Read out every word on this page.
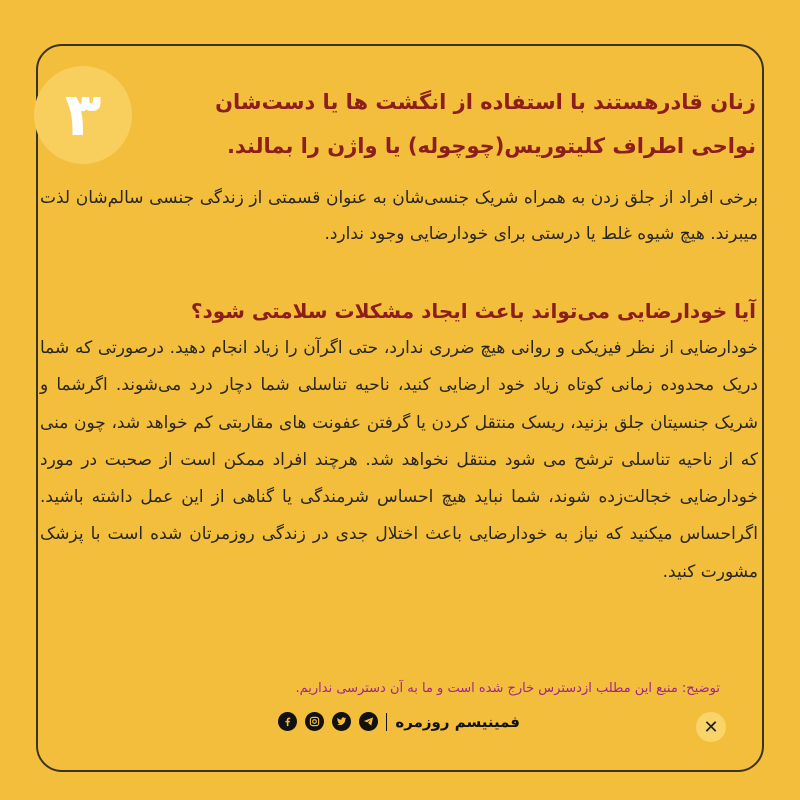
۳	زنان قادرهستند با استفاده از انگشت ها یا دست‌شان نواحی اطراف کلیتوریس(چوچوله) یا واژن را بمالند.
برخی افراد از جلق زدن به همراه شریک جنسی‌شان به عنوان قسمتی از زندگی جنسی سالم‌شان لذت میبرند. هیچ شیوه غلط یا درستی برای خودارضایی وجود ندارد.
آیا خودارضایی می‌تواند باعث ایجاد مشکلات سلامتی شود؟
خودارضایی از نظر فیزیکی و روانی هیچ ضرری ندارد، حتی اگرآن را زیاد انجام دهید. درصورتی که شما دریک محدوده زمانی کوتاه زیاد خود ارضایی کنید، ناحیه تناسلی شما دچار درد می‌شوند. اگرشما و شریک جنسیتان جلق بزنید، ریسک منتقل کردن یا گرفتن عفونت های مقاربتی کم خواهد شد، چون منی که از ناحیه تناسلی ترشح می شود منتقل نخواهد شد. هرچند افراد ممکن است از صحبت در مورد خودارضایی خجالت‌زده شوند، شما نباید هیچ احساس شرمندگی یا گناهی از این عمل داشته باشید. اگراحساس میکنید که نیاز به خودارضایی باعث اختلال جدی در زندگی روزمرتان شده است با پزشک مشورت کنید.
توضیح: منبع این مطلب ازدسترس خارج شده است و ما به آن دسترسی نداریم.
فمینیسم روزمره	✕
